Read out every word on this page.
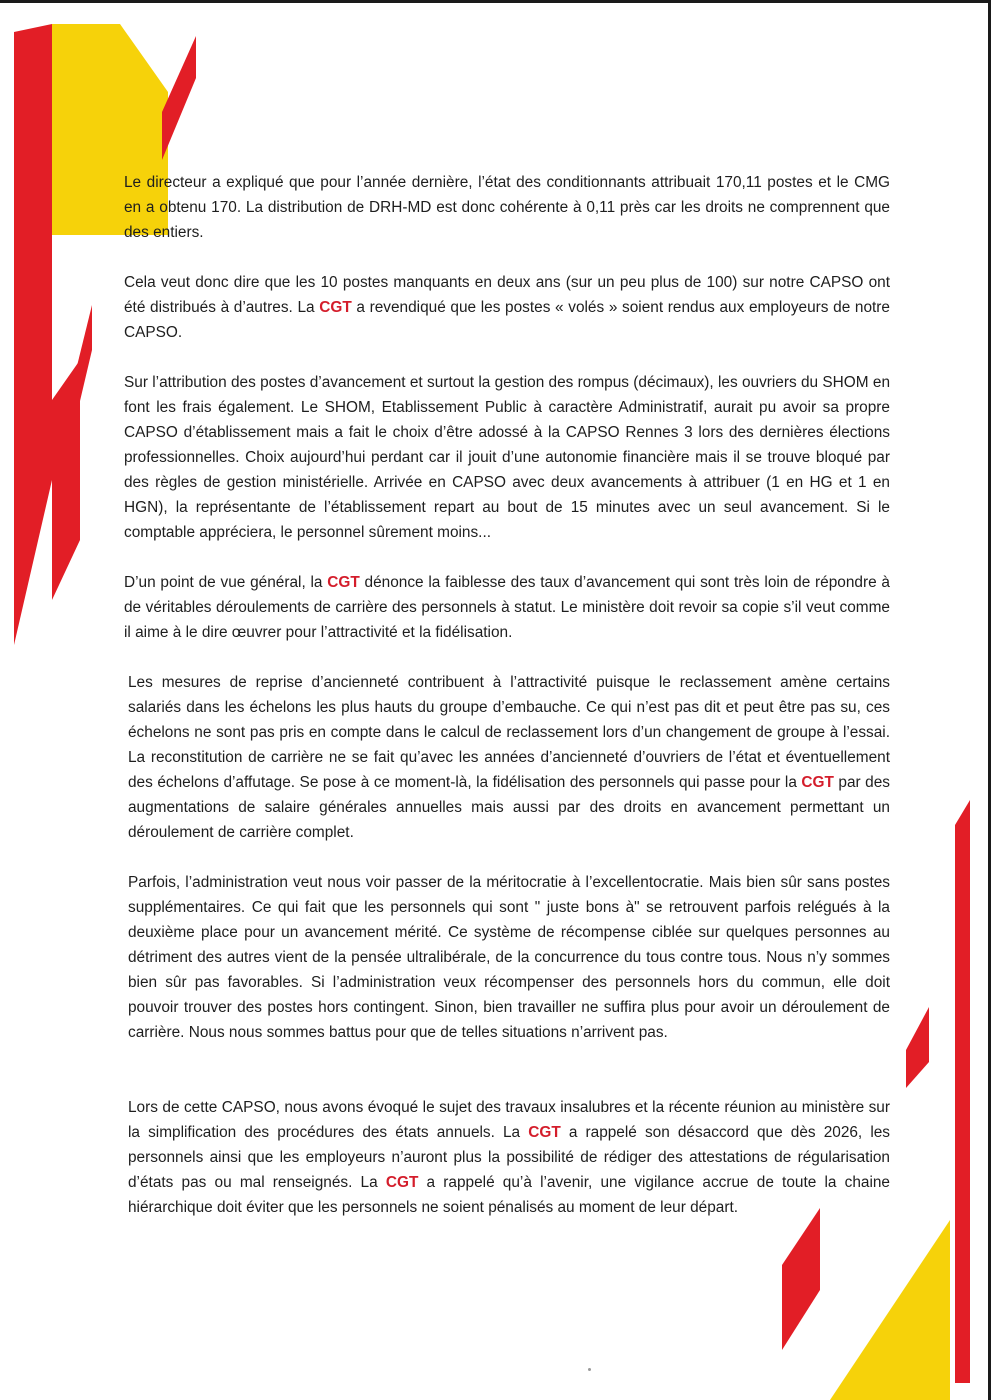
Le directeur a expliqué que pour l’année dernière, l’état des conditionnants attribuait 170,11 postes et le CMG en a obtenu 170. La distribution de DRH-MD est donc cohérente à 0,11 près car les droits ne comprennent que des entiers.

Cela veut donc dire que les 10 postes manquants en deux ans (sur un peu plus de 100) sur notre CAPSO ont été distribués à d’autres. La CGT a revendiqué que les postes « volés » soient rendus aux employeurs de notre CAPSO.

Sur l’attribution des postes d’avancement et surtout la gestion des rompus (décimaux), les ouvriers du SHOM en font les frais également. Le SHOM, Etablissement Public à caractère Administratif, aurait pu avoir sa propre CAPSO d’établissement mais a fait le choix d’être adossé à la CAPSO Rennes 3 lors des dernières élections professionnelles. Choix aujourd’hui perdant car il jouit d’une autonomie financière mais il se trouve bloqué par des règles de gestion ministérielle. Arrivée en CAPSO avec deux avancements à attribuer (1 en HG et 1 en HGN), la représentante de l’établissement repart au bout de 15 minutes avec un seul avancement. Si le comptable appréciera, le personnel sûrement moins...

D’un point de vue général, la CGT dénonce la faiblesse des taux d’avancement qui sont très loin de répondre à de véritables déroulements de carrière des personnels à statut. Le ministère doit revoir sa copie s’il veut comme il aime à le dire œuvrer pour l’attractivité et la fidélisation.

Les mesures de reprise d’ancienneté contribuent à l’attractivité puisque le reclassement amène certains salariés dans les échelons les plus hauts du groupe d’embauche. Ce qui n’est pas dit et peut être pas su, ces échelons ne sont pas pris en compte dans le calcul de reclassement lors d’un changement de groupe à l’essai. La reconstitution de carrière ne se fait qu’avec les années d’ancienneté d’ouvriers de l’état et éventuellement des échelons d’affutage. Se pose à ce moment-là, la fidélisation des personnels qui passe pour la CGT par des augmentations de salaire générales annuelles mais aussi par des droits en avancement permettant un déroulement de carrière complet.

Parfois, l’administration veut nous voir passer de la méritocratie à l’excellentocratie. Mais bien sûr sans postes supplémentaires. Ce qui fait que les personnels qui sont " juste bons à" se retrouvent parfois relégués à la deuxième place pour un avancement mérité. Ce système de récompense ciblée sur quelques personnes au détriment des autres vient de la pensée ultralibérale, de la concurrence du tous contre tous. Nous n’y sommes bien sûr pas favorables. Si l’administration veux récompenser des personnels hors du commun, elle doit pouvoir trouver des postes hors contingent. Sinon, bien travailler ne suffira plus pour avoir un déroulement de carrière. Nous nous sommes battus pour que de telles situations n’arrivent pas.

Lors de cette CAPSO, nous avons évoqué le sujet des travaux insalubres et la récente réunion au ministère sur la simplification des procédures des états annuels. La CGT a rappelé son désaccord que dès 2026, les personnels ainsi que les employeurs n’auront plus la possibilité de rédiger des attestations de régularisation d’états pas ou mal renseignés. La CGT a rappelé qu’à l’avenir, une vigilance accrue de toute la chaine hiérarchique doit éviter que les personnels ne soient pénalisés au moment de leur départ.
